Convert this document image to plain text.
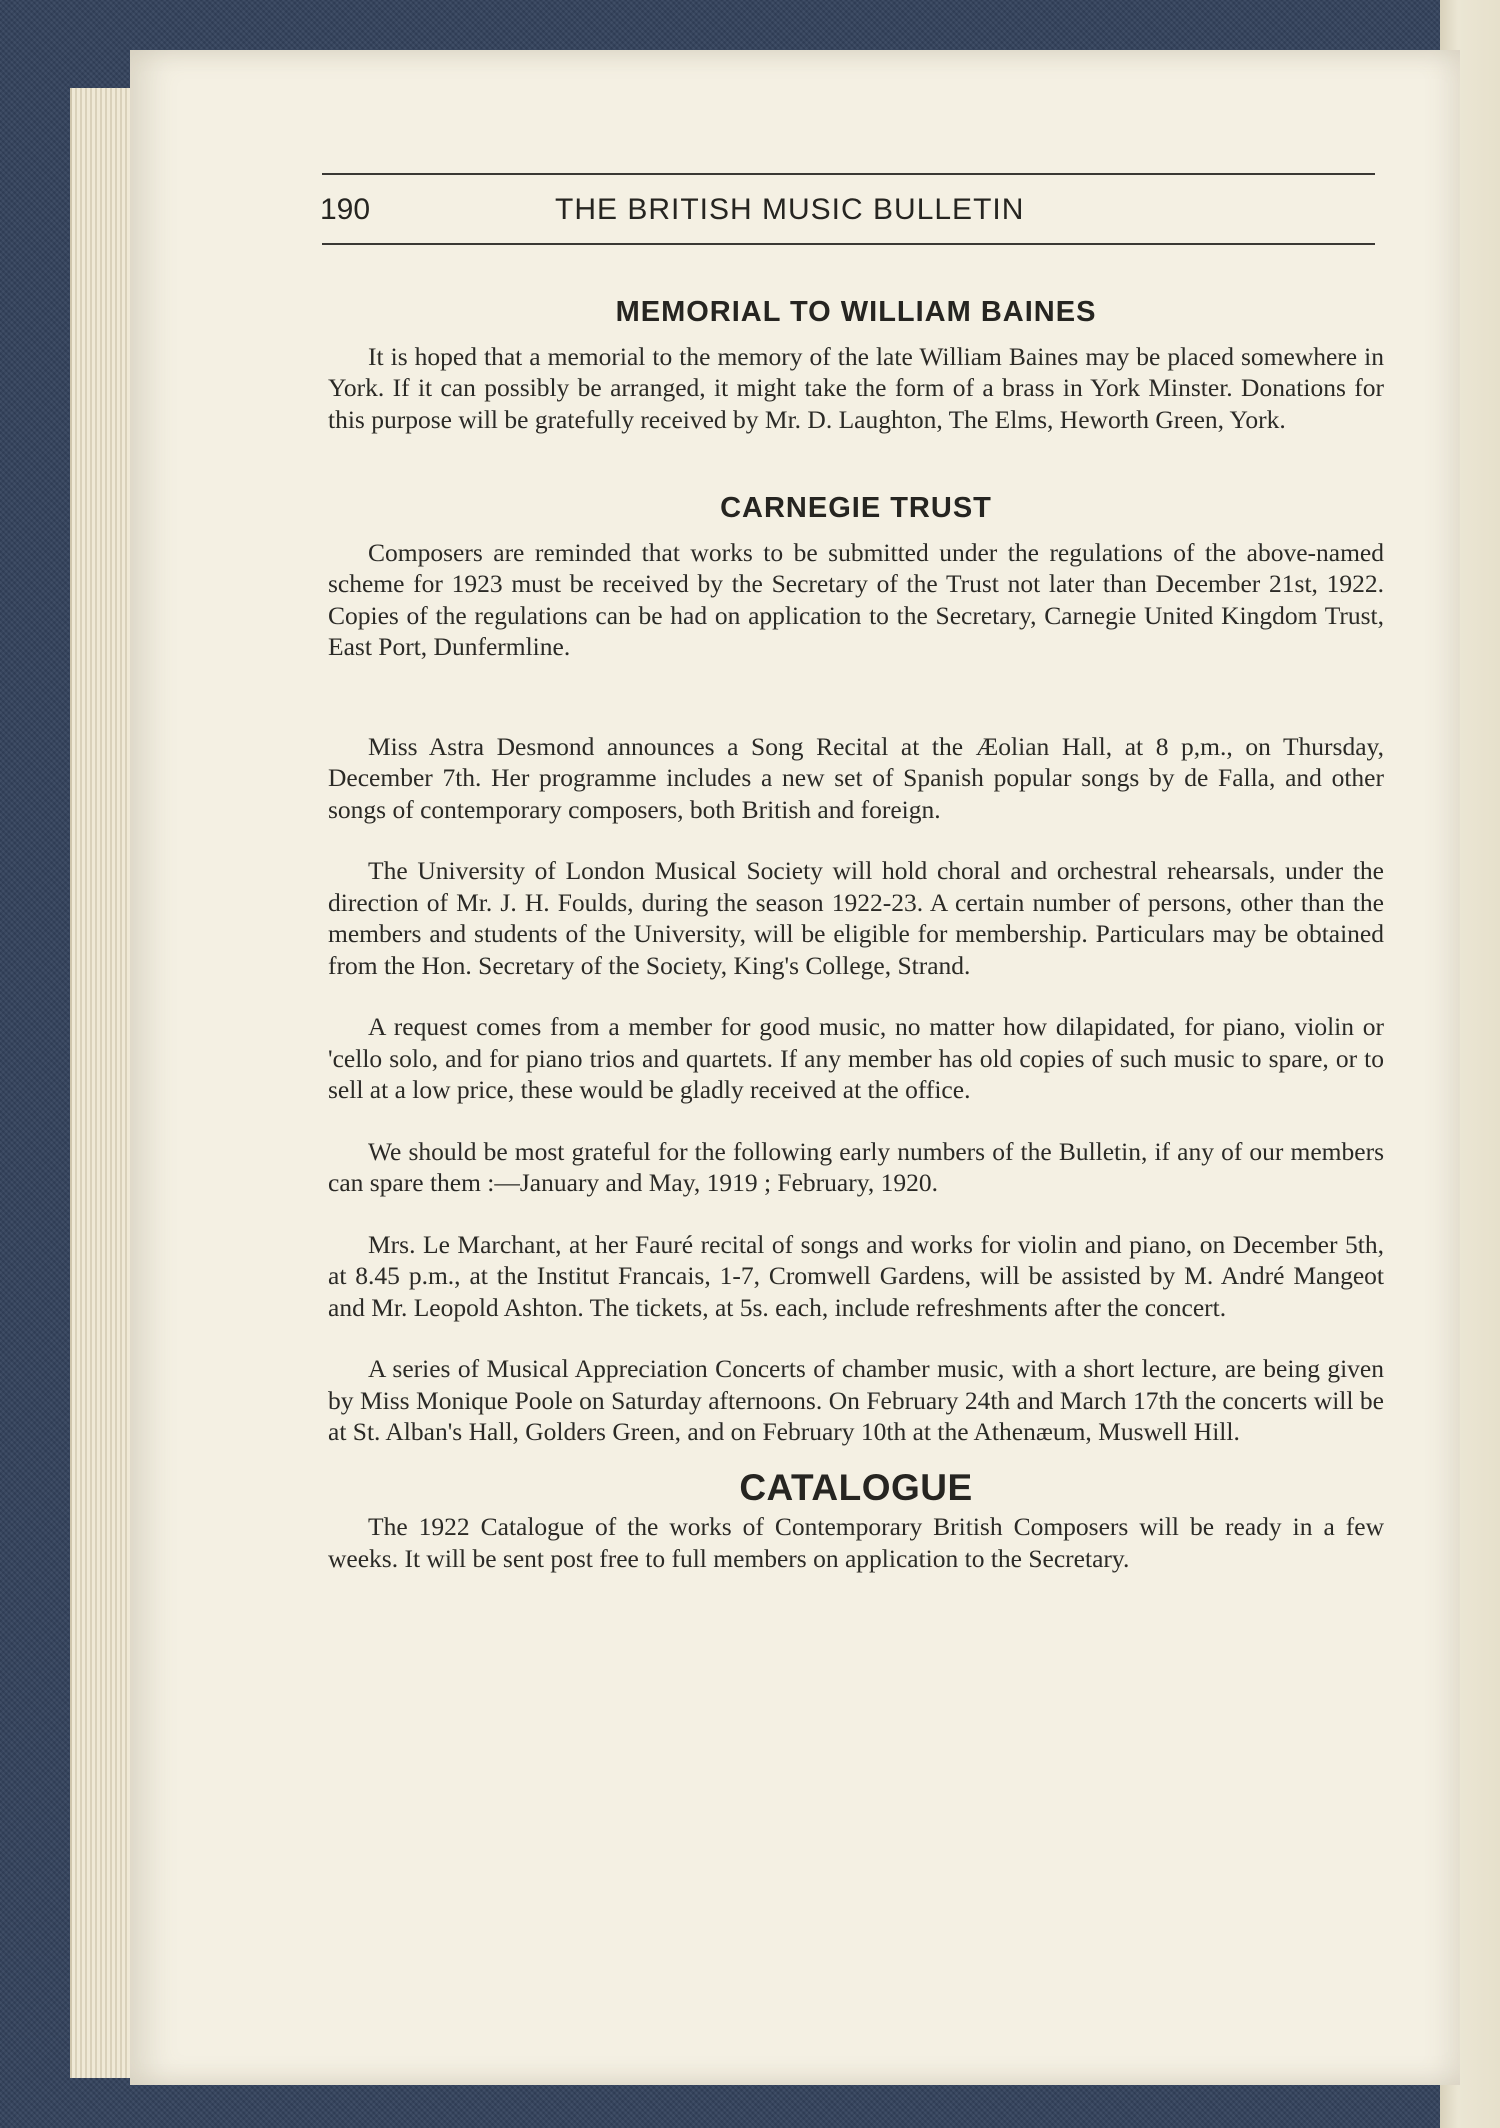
190	THE BRITISH MUSIC BULLETIN
MEMORIAL TO WILLIAM BAINES

It is hoped that a memorial to the memory of the late William Baines may be placed somewhere in York. If it can possibly be arranged, it might take the form of a brass in York Minster. Donations for this purpose will be gratefully received by Mr. D. Laughton, The Elms, Heworth Green, York.

CARNEGIE TRUST

Composers are reminded that works to be submitted under the regulations of the above-named scheme for 1923 must be received by the Secretary of the Trust not later than December 21st, 1922. Copies of the regulations can be had on application to the Secretary, Carnegie United Kingdom Trust, East Port, Dunfermline.

Miss Astra Desmond announces a Song Recital at the Æolian Hall, at 8 p,m., on Thursday, December 7th. Her programme includes a new set of Spanish popular songs by de Falla, and other songs of contemporary composers, both British and foreign.

The University of London Musical Society will hold choral and orchestral rehearsals, under the direction of Mr. J. H. Foulds, during the season 1922-23. A certain number of persons, other than the members and students of the University, will be eligible for membership. Particulars may be obtained from the Hon. Secretary of the Society, King's College, Strand.

A request comes from a member for good music, no matter how dilapidated, for piano, violin or 'cello solo, and for piano trios and quartets. If any member has old copies of such music to spare, or to sell at a low price, these would be gladly received at the office.

We should be most grateful for the following early numbers of the Bulletin, if any of our members can spare them :—January and May, 1919 ; February, 1920.

Mrs. Le Marchant, at her Fauré recital of songs and works for violin and piano, on December 5th, at 8.45 p.m., at the Institut Francais, 1-7, Cromwell Gardens, will be assisted by M. André Mangeot and Mr. Leopold Ashton. The tickets, at 5s. each, include refreshments after the concert.

A series of Musical Appreciation Concerts of chamber music, with a short lecture, are being given by Miss Monique Poole on Saturday afternoons. On February 24th and March 17th the concerts will be at St. Alban's Hall, Golders Green, and on February 10th at the Athenæum, Muswell Hill.

CATALOGUE

The 1922 Catalogue of the works of Contemporary British Composers will be ready in a few weeks. It will be sent post free to full members on application to the Secretary.
